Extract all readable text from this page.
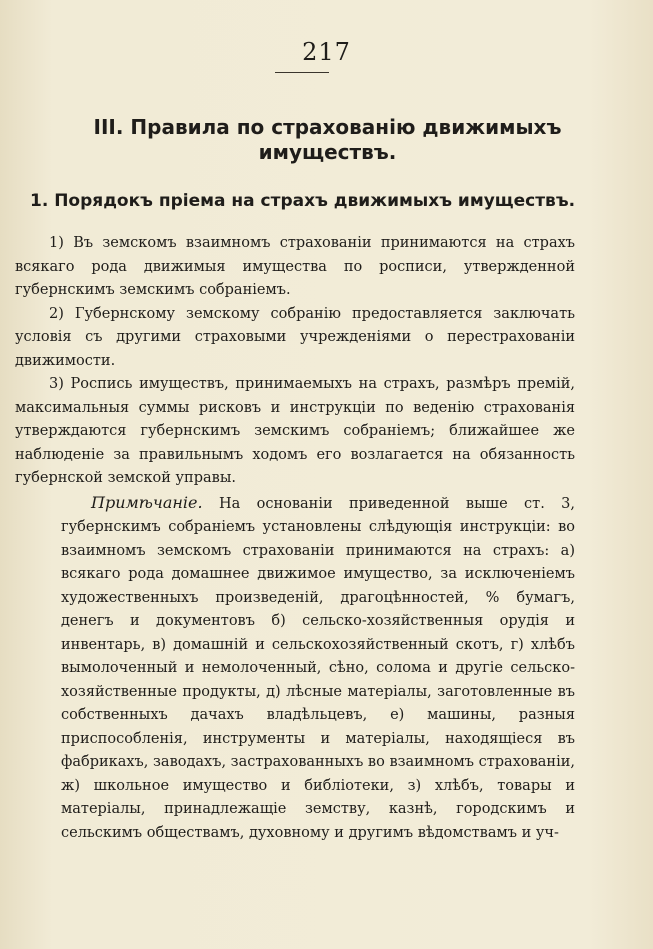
217
III. Правила по страхованію движимыхъ имуществъ.
1. Порядокъ пріема на страхъ движимыхъ имуществъ.

1) Въ земскомъ взаимномъ страхованіи принимаются на страхъ всякаго рода движимыя имущества по росписи, утвержденной губернскимъ земскимъ собраніемъ.

2) Губернскому земскому собранію предоставляется заключать условія съ другими страховыми учрежденіями о перестрахованіи движимости.

3) Роспись имуществъ, принимаемыхъ на страхъ, размѣръ премій, максимальныя суммы рисковъ и инструкціи по веденію страхованія утверждаются губернскимъ земскимъ собраніемъ; ближайшее же наблюденіе за правильнымъ ходомъ его возлагается на обязанность губернской земской управы.

Примѣчаніе. На основаніи приведенной выше ст. 3, губернскимъ собраніемъ установлены слѣдующія инструкціи: во взаимномъ земскомъ страхованіи принимаются на страхъ: а) всякаго рода домашнее движимое имущество, за исключеніемъ художественныхъ произведеній, драгоцѣнностей, % бумагъ, денегъ и документовъ б) сельско-хозяйственныя орудія и инвентарь, в) домашній и сельскохозяйственный скотъ, г) хлѣбъ вымолоченный и немолоченный, сѣно, солома и другіе сельско-хозяйственные продукты, д) лѣсные матеріалы, заготовленные въ собственныхъ дачахъ владѣльцевъ, е) машины, разныя приспособленія, инструменты и матеріалы, находящіеся въ фабрикахъ, заводахъ, застрахованныхъ во взаимномъ страхованіи, ж) школьное имущество и библіотеки, з) хлѣбъ, товары и матеріалы, принадлежащіе земству, казнѣ, городскимъ и сельскимъ обществамъ, духовному и другимъ вѣдомствамъ и уч-
